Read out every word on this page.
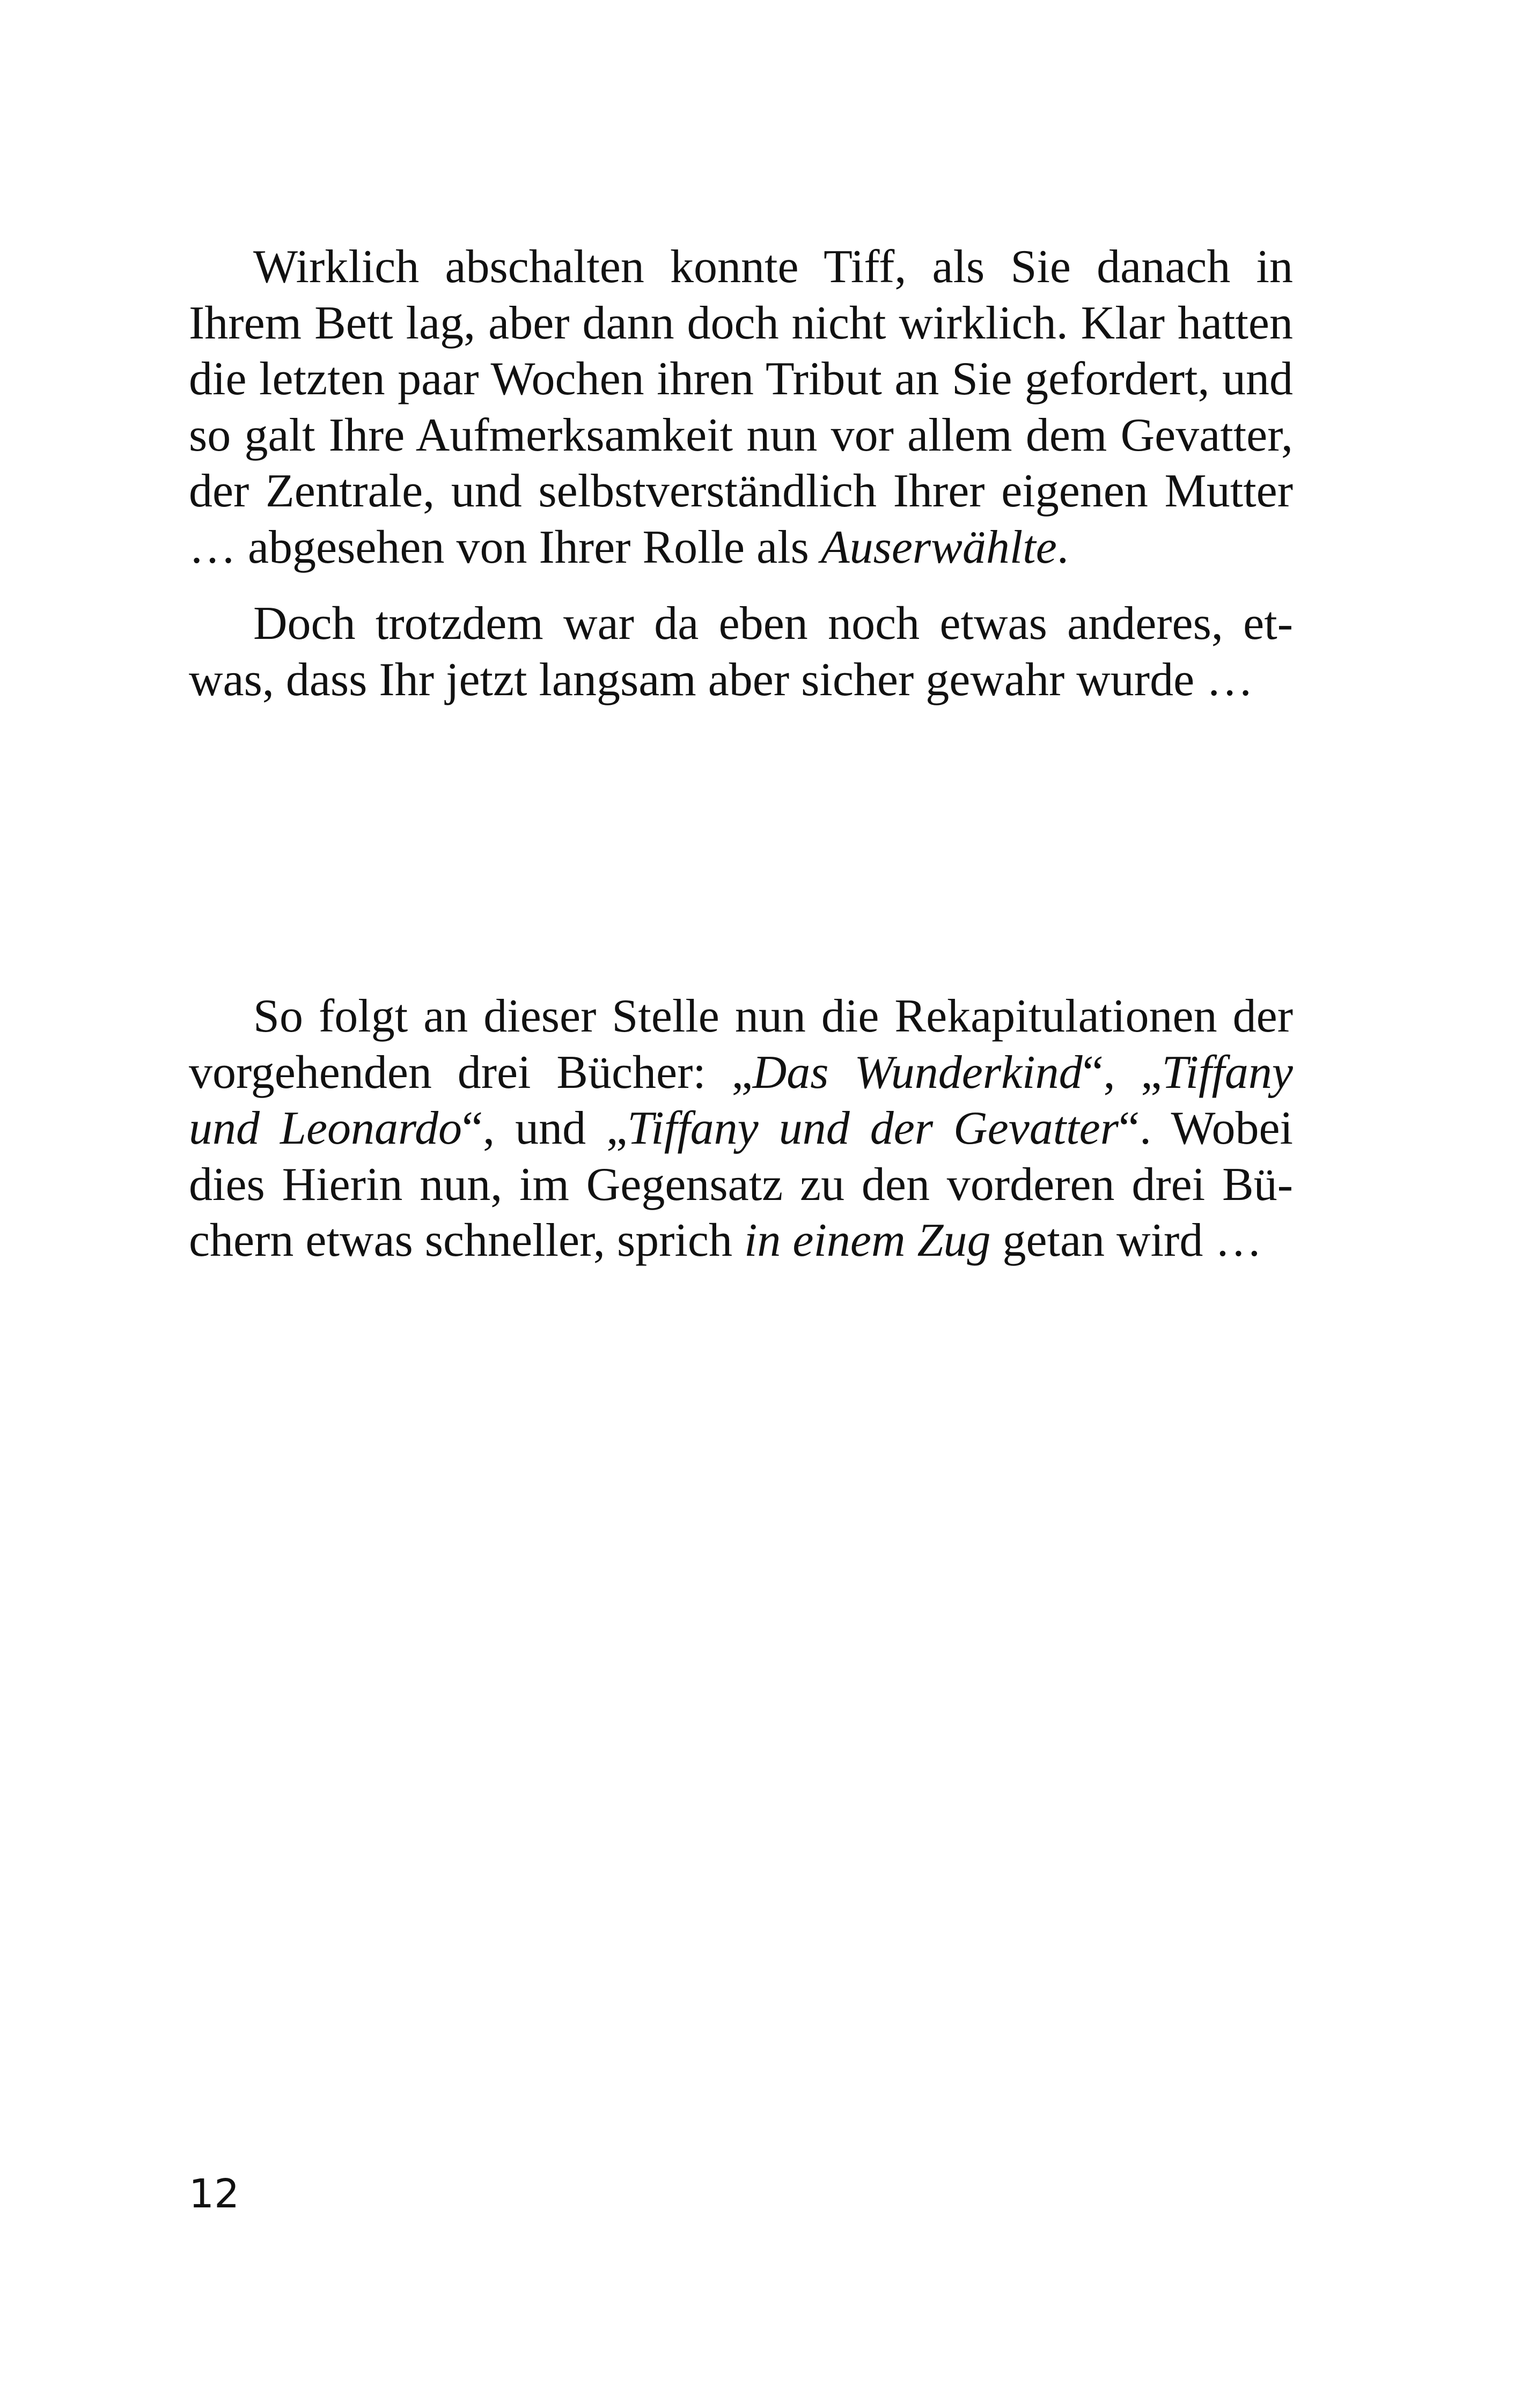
Wirklich abschalten konnte Tiff, als Sie danach in Ihrem Bett lag, aber dann doch nicht wirklich. Klar hatten die letzten paar Wochen ihren Tribut an Sie gefordert, und so galt Ihre Aufmerksamkeit nun vor allem dem Gevatter, der Zentrale, und selbstverständlich Ihrer eigenen Mutter … abgesehen von Ihrer Rolle als Auserwählte.

Doch trotzdem war da eben noch etwas anderes, etwas, dass Ihr jetzt langsam aber sicher gewahr wurde …

So folgt an dieser Stelle nun die Rekapitulationen der vorgehenden drei Bücher: „Das Wunderkind“, „Tiffany und Leonardo“, und „Tiffany und der Gevatter“. Wobei dies Hierin nun, im Gegensatz zu den vorderen drei Büchern etwas schneller, sprich in einem Zug getan wird …

12
